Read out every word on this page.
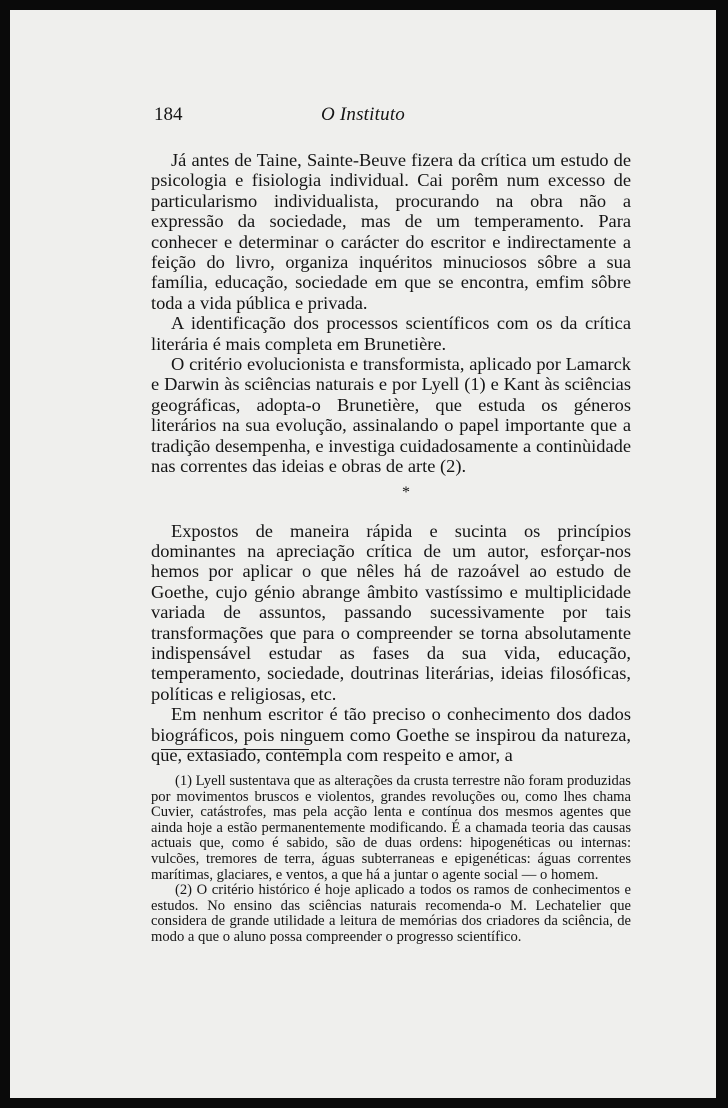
184	O Instituto

Já antes de Taine, Sainte-Beuve fizera da crítica um estudo de psicologia e fisiologia individual. Cai porêm num excesso de particularismo individualista, procurando na obra não a expressão da sociedade, mas de um temperamento. Para conhecer e determinar o carácter do escritor e indirectamente a feição do livro, organiza inquéritos minuciosos sôbre a sua família, educação, sociedade em que se encontra, emfim sôbre toda a vida pública e privada.

A identificação dos processos scientíficos com os da crítica literária é mais completa em Brunetière.

O critério evolucionista e transformista, aplicado por Lamarck e Darwin às sciências naturais e por Lyell (1) e Kant às sciências geográficas, adopta-o Brunetière, que estuda os géneros literários na sua evolução, assinalando o papel importante que a tradição desempenha, e investiga cuidadosamente a continùidade nas correntes das ideias e obras de arte (2).

*

Expostos de maneira rápida e sucinta os princípios dominantes na apreciação crítica de um autor, esforçar-nos hemos por aplicar o que nêles há de razoável ao estudo de Goethe, cujo génio abrange âmbito vastíssimo e multiplicidade variada de assuntos, passando sucessivamente por tais transformações que para o compreender se torna absolutamente indispensável estudar as fases da sua vida, educação, temperamento, sociedade, doutrinas literárias, ideias filosóficas, políticas e religiosas, etc.

Em nenhum escritor é tão preciso o conhecimento dos dados biográficos, pois ninguem como Goethe se inspirou da natureza, que, extasiado, contempla com respeito e amor, a

(1) Lyell sustentava que as alterações da crusta terrestre não foram produzidas por movimentos bruscos e violentos, grandes revoluções ou, como lhes chama Cuvier, catástrofes, mas pela acção lenta e contínua dos mesmos agentes que ainda hoje a estão permanentemente modificando. É a chamada teoria das causas actuais que, como é sabido, são de duas ordens: hipogenéticas ou internas: vulcões, tremores de terra, águas subterraneas e epigenéticas: águas correntes marítimas, glaciares, e ventos, a que há a juntar o agente social — o homem.

(2) O critério histórico é hoje aplicado a todos os ramos de conhecimentos e estudos. No ensino das sciências naturais recomenda-o M. Lechatelier que considera de grande utilidade a leitura de memórias dos criadores da sciência, de modo a que o aluno possa compreender o progresso scientífico.
